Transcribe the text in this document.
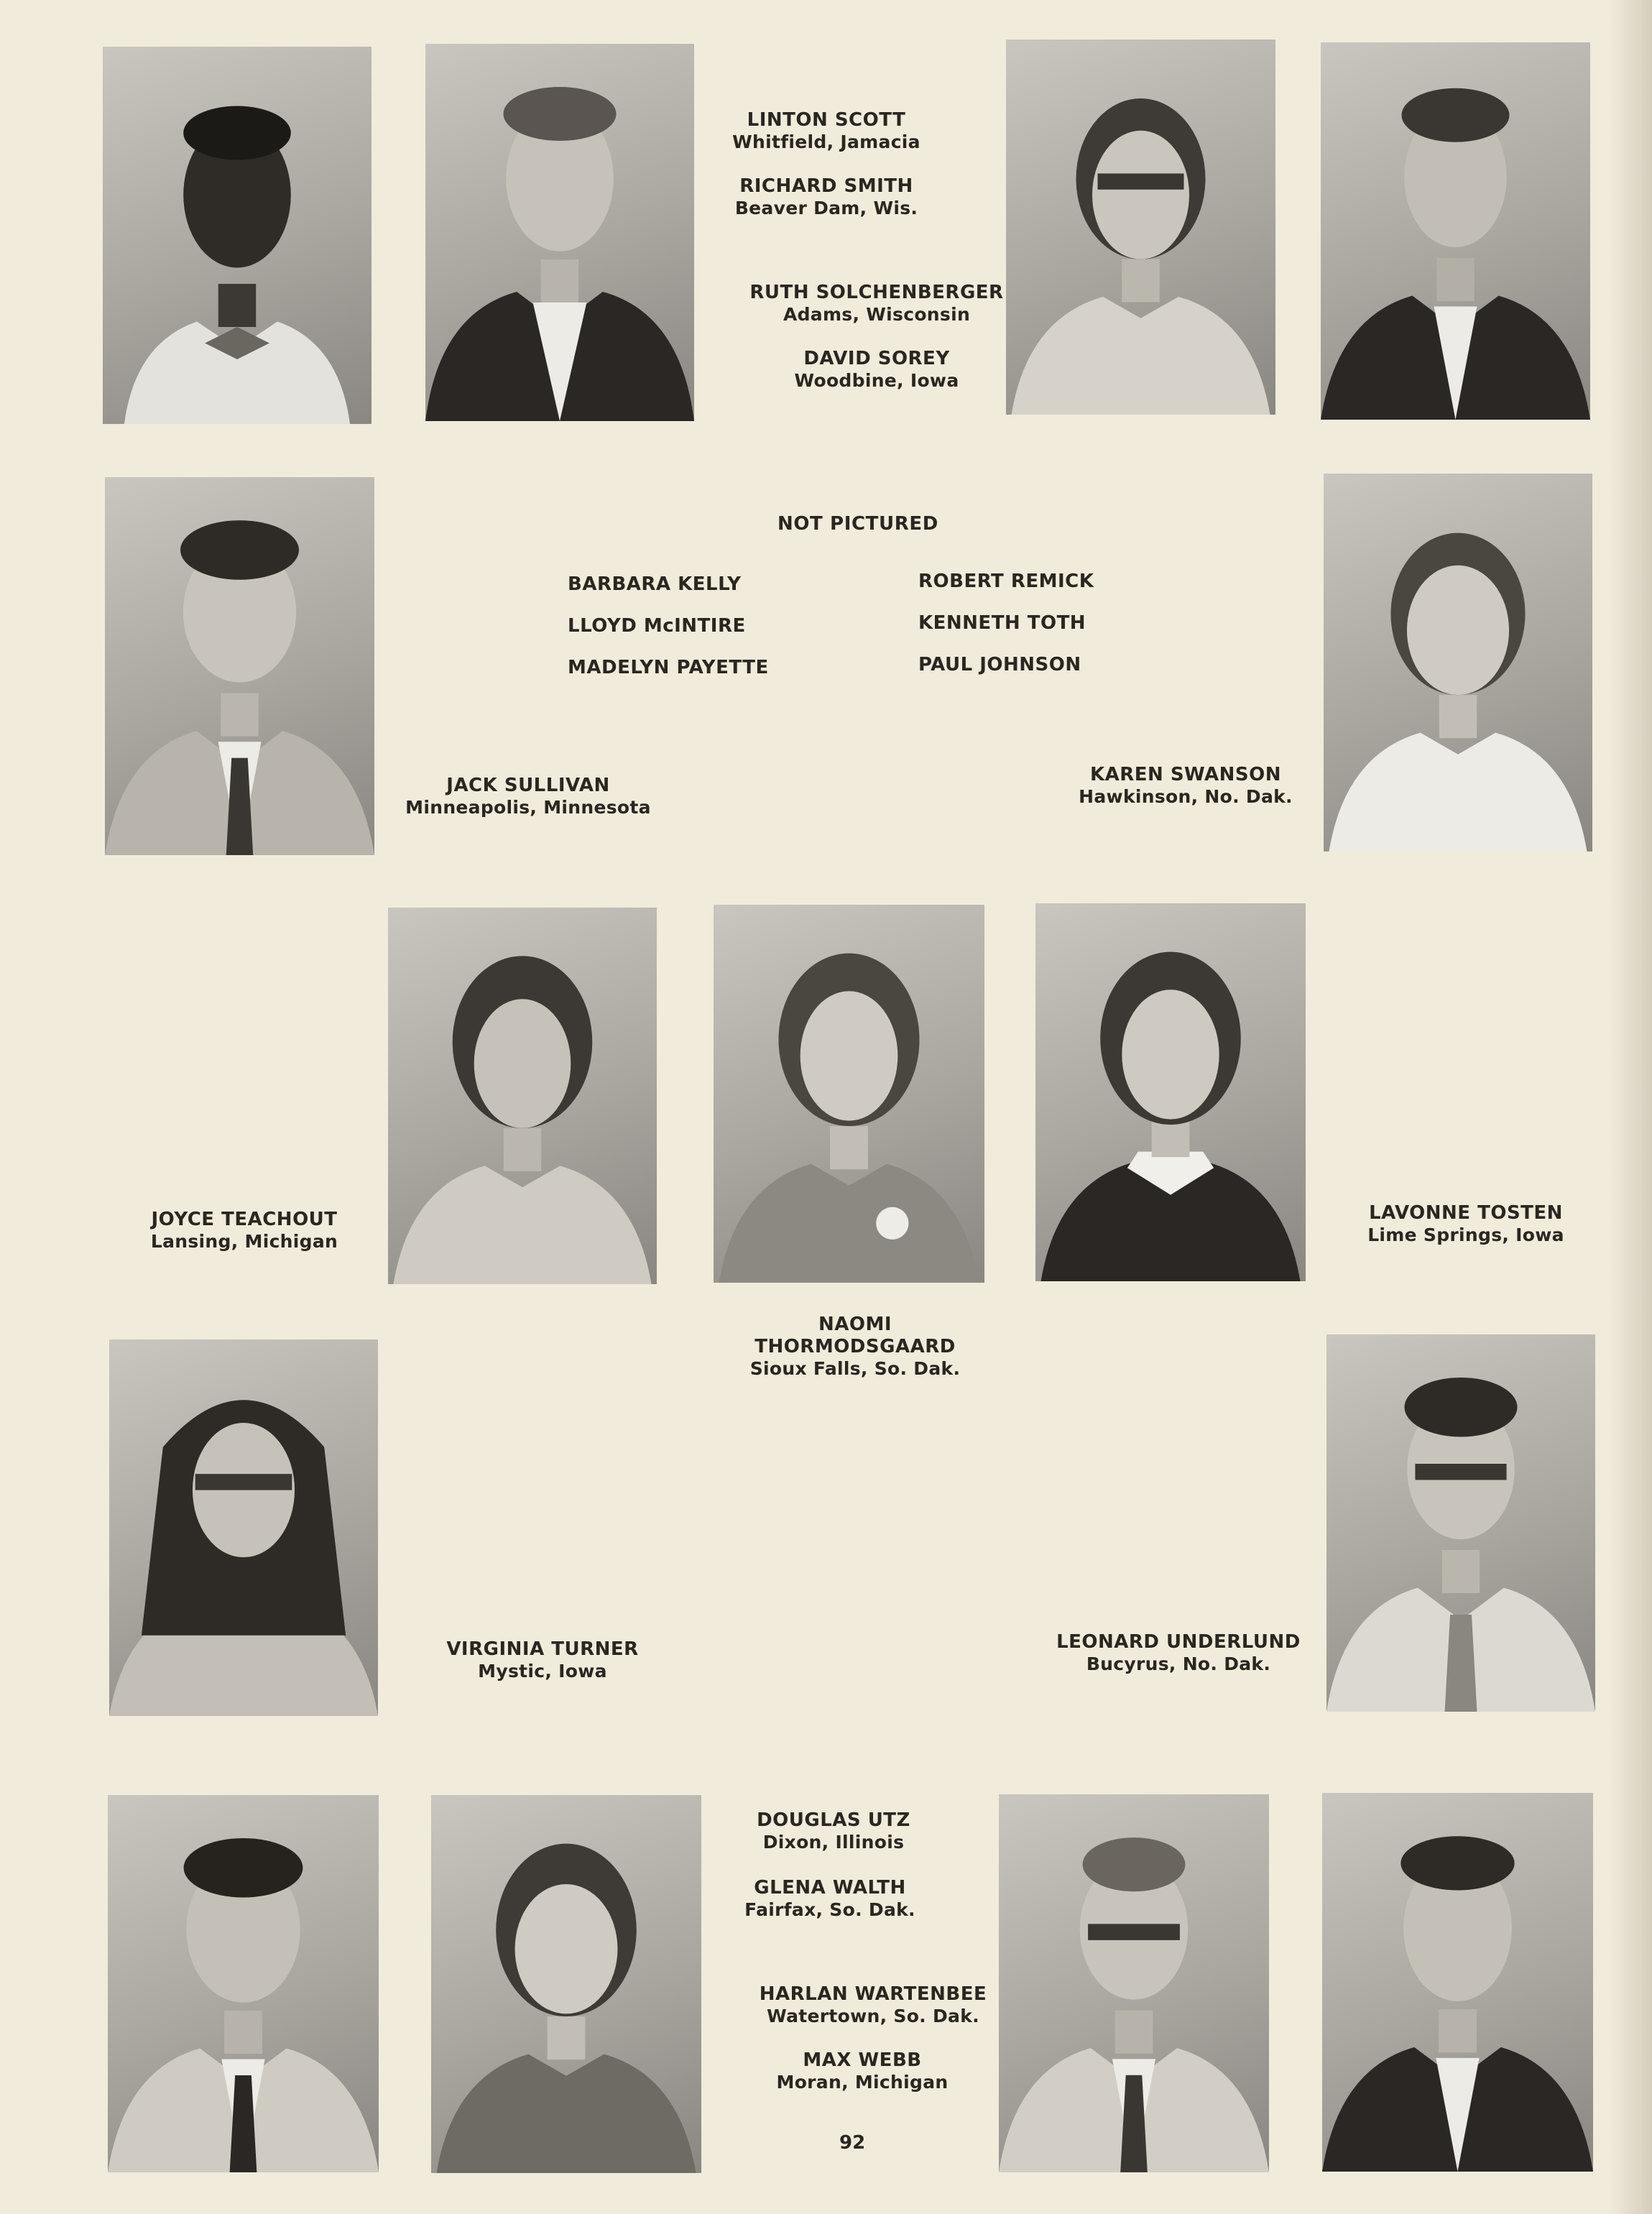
LINTON SCOTT
Whitfield, Jamacia
RICHARD SMITH
Beaver Dam, Wis.
RUTH SOLCHENBERGER
Adams, Wisconsin
DAVID SOREY
Woodbine, Iowa
NOT PICTURED
BARBARA KELLY
LLOYD McINTIRE
MADELYN PAYETTE
ROBERT REMICK
KENNETH TOTH
PAUL JOHNSON
JACK SULLIVAN
Minneapolis, Minnesota
KAREN SWANSON
Hawkinson, No. Dak.
JOYCE TEACHOUT
Lansing, Michigan
LAVONNE TOSTEN
Lime Springs, Iowa
NAOMI
THORMODSGAARD
Sioux Falls, So. Dak.
VIRGINIA TURNER
Mystic, Iowa
LEONARD UNDERLUND
Bucyrus, No. Dak.
DOUGLAS UTZ
Dixon, Illinois
GLENA WALTH
Fairfax, So. Dak.
HARLAN WARTENBEE
Watertown, So. Dak.
MAX WEBB
Moran, Michigan
92
